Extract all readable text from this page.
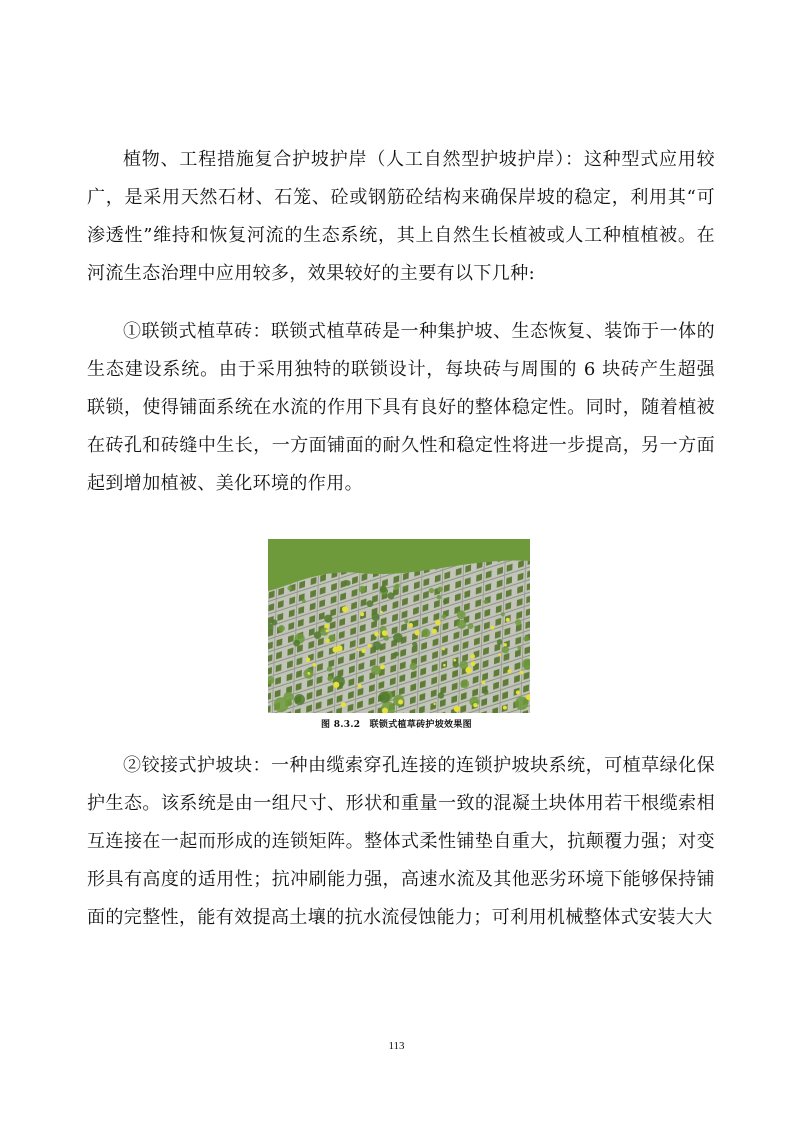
植物、工程措施复合护坡护岸（人工自然型护坡护岸）：这种型式应用较广，是采用天然石材、石笼、砼或钢筋砼结构来确保岸坡的稳定，利用其“可渗透性”维持和恢复河流的生态系统，其上自然生长植被或人工种植植被。在河流生态治理中应用较多，效果较好的主要有以下几种:

①联锁式植草砖：联锁式植草砖是一种集护坡、生态恢复、装饰于一体的生态建设系统。由于采用独特的联锁设计，每块砖与周围的 6 块砖产生超强联锁，使得铺面系统在水流的作用下具有良好的整体稳定性。同时，随着植被在砖孔和砖缝中生长，一方面铺面的耐久性和稳定性将进一步提高，另一方面起到增加植被、美化环境的作用。

图 8.3.2　联锁式植草砖护坡效果图

②铰接式护坡块：一种由缆索穿孔连接的连锁护坡块系统，可植草绿化保护生态。该系统是由一组尺寸、形状和重量一致的混凝土块体用若干根缆索相互连接在一起而形成的连锁矩阵。整体式柔性铺垫自重大，抗颠覆力强；对变形具有高度的适用性；抗冲刷能力强，高速水流及其他恶劣环境下能够保持铺面的完整性，能有效提高土壤的抗水流侵蚀能力；可利用机械整体式安装大大

113
